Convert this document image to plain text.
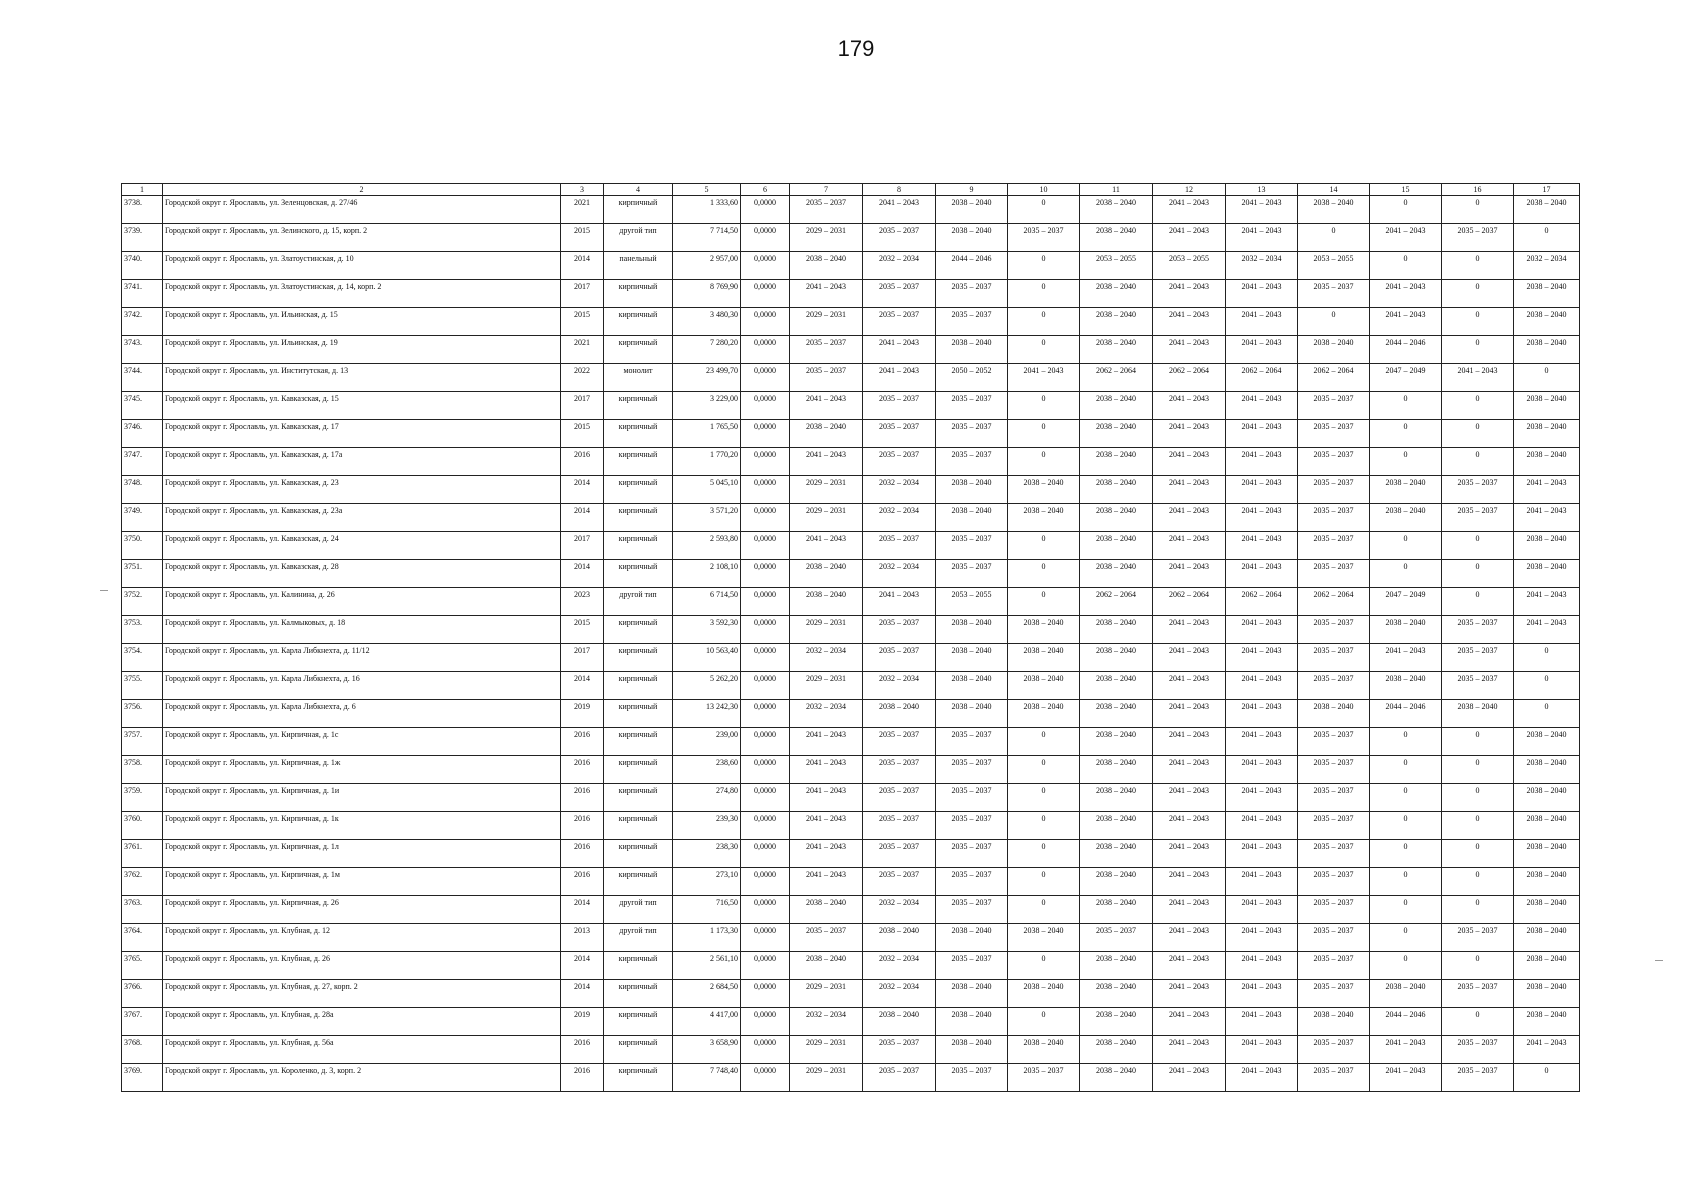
179
1	2	3	4	5	6	7	8	9	10	11	12	13	14	15	16	17
3738.	Городской округ г. Ярославль, ул. Зеленцовская, д. 27/46	2021	кирпичный	1 333,60	0,0000	2035 – 2037	2041 – 2043	2038 – 2040	0	2038 – 2040	2041 – 2043	2041 – 2043	2038 – 2040	0	0	2038 – 2040
3739.	Городской округ г. Ярославль, ул. Зелинского, д. 15, корп. 2	2015	другой тип	7 714,50	0,0000	2029 – 2031	2035 – 2037	2038 – 2040	2035 – 2037	2038 – 2040	2041 – 2043	2041 – 2043	0	2041 – 2043	2035 – 2037	0
3740.	Городской округ г. Ярославль, ул. Златоустинская, д. 10	2014	панельный	2 957,00	0,0000	2038 – 2040	2032 – 2034	2044 – 2046	0	2053 – 2055	2053 – 2055	2032 – 2034	2053 – 2055	0	0	2032 – 2034
3741.	Городской округ г. Ярославль, ул. Златоустинская, д. 14, корп. 2	2017	кирпичный	8 769,90	0,0000	2041 – 2043	2035 – 2037	2035 – 2037	0	2038 – 2040	2041 – 2043	2041 – 2043	2035 – 2037	2041 – 2043	0	2038 – 2040
3742.	Городской округ г. Ярославль, ул. Ильинская, д. 15	2015	кирпичный	3 480,30	0,0000	2029 – 2031	2035 – 2037	2035 – 2037	0	2038 – 2040	2041 – 2043	2041 – 2043	0	2041 – 2043	0	2038 – 2040
3743.	Городской округ г. Ярославль, ул. Ильинская, д. 19	2021	кирпичный	7 280,20	0,0000	2035 – 2037	2041 – 2043	2038 – 2040	0	2038 – 2040	2041 – 2043	2041 – 2043	2038 – 2040	2044 – 2046	0	2038 – 2040
3744.	Городской округ г. Ярославль, ул. Институтская, д. 13	2022	монолит	23 499,70	0,0000	2035 – 2037	2041 – 2043	2050 – 2052	2041 – 2043	2062 – 2064	2062 – 2064	2062 – 2064	2062 – 2064	2047 – 2049	2041 – 2043	0
3745.	Городской округ г. Ярославль, ул. Кавказская, д. 15	2017	кирпичный	3 229,00	0,0000	2041 – 2043	2035 – 2037	2035 – 2037	0	2038 – 2040	2041 – 2043	2041 – 2043	2035 – 2037	0	0	2038 – 2040
3746.	Городской округ г. Ярославль, ул. Кавказская, д. 17	2015	кирпичный	1 765,50	0,0000	2038 – 2040	2035 – 2037	2035 – 2037	0	2038 – 2040	2041 – 2043	2041 – 2043	2035 – 2037	0	0	2038 – 2040
3747.	Городской округ г. Ярославль, ул. Кавказская, д. 17а	2016	кирпичный	1 770,20	0,0000	2041 – 2043	2035 – 2037	2035 – 2037	0	2038 – 2040	2041 – 2043	2041 – 2043	2035 – 2037	0	0	2038 – 2040
3748.	Городской округ г. Ярославль, ул. Кавказская, д. 23	2014	кирпичный	5 045,10	0,0000	2029 – 2031	2032 – 2034	2038 – 2040	2038 – 2040	2038 – 2040	2041 – 2043	2041 – 2043	2035 – 2037	2038 – 2040	2035 – 2037	2041 – 2043
3749.	Городской округ г. Ярославль, ул. Кавказская, д. 23а	2014	кирпичный	3 571,20	0,0000	2029 – 2031	2032 – 2034	2038 – 2040	2038 – 2040	2038 – 2040	2041 – 2043	2041 – 2043	2035 – 2037	2038 – 2040	2035 – 2037	2041 – 2043
3750.	Городской округ г. Ярославль, ул. Кавказская, д. 24	2017	кирпичный	2 593,80	0,0000	2041 – 2043	2035 – 2037	2035 – 2037	0	2038 – 2040	2041 – 2043	2041 – 2043	2035 – 2037	0	0	2038 – 2040
3751.	Городской округ г. Ярославль, ул. Кавказская, д. 28	2014	кирпичный	2 108,10	0,0000	2038 – 2040	2032 – 2034	2035 – 2037	0	2038 – 2040	2041 – 2043	2041 – 2043	2035 – 2037	0	0	2038 – 2040
3752.	Городской округ г. Ярославль, ул. Калинина, д. 26	2023	другой тип	6 714,50	0,0000	2038 – 2040	2041 – 2043	2053 – 2055	0	2062 – 2064	2062 – 2064	2062 – 2064	2062 – 2064	2047 – 2049	0	2041 – 2043
3753.	Городской округ г. Ярославль, ул. Калмыковых, д. 18	2015	кирпичный	3 592,30	0,0000	2029 – 2031	2035 – 2037	2038 – 2040	2038 – 2040	2038 – 2040	2041 – 2043	2041 – 2043	2035 – 2037	2038 – 2040	2035 – 2037	2041 – 2043
3754.	Городской округ г. Ярославль, ул. Карла Либкнехта, д. 11/12	2017	кирпичный	10 563,40	0,0000	2032 – 2034	2035 – 2037	2038 – 2040	2038 – 2040	2038 – 2040	2041 – 2043	2041 – 2043	2035 – 2037	2041 – 2043	2035 – 2037	0
3755.	Городской округ г. Ярославль, ул. Карла Либкнехта, д. 16	2014	кирпичный	5 262,20	0,0000	2029 – 2031	2032 – 2034	2038 – 2040	2038 – 2040	2038 – 2040	2041 – 2043	2041 – 2043	2035 – 2037	2038 – 2040	2035 – 2037	0
3756.	Городской округ г. Ярославль, ул. Карла Либкнехта, д. 6	2019	кирпичный	13 242,30	0,0000	2032 – 2034	2038 – 2040	2038 – 2040	2038 – 2040	2038 – 2040	2041 – 2043	2041 – 2043	2038 – 2040	2044 – 2046	2038 – 2040	0
3757.	Городской округ г. Ярославль, ул. Кирпичная, д. 1с	2016	кирпичный	239,00	0,0000	2041 – 2043	2035 – 2037	2035 – 2037	0	2038 – 2040	2041 – 2043	2041 – 2043	2035 – 2037	0	0	2038 – 2040
3758.	Городской округ г. Ярославль, ул. Кирпичная, д. 1ж	2016	кирпичный	238,60	0,0000	2041 – 2043	2035 – 2037	2035 – 2037	0	2038 – 2040	2041 – 2043	2041 – 2043	2035 – 2037	0	0	2038 – 2040
3759.	Городской округ г. Ярославль, ул. Кирпичная, д. 1и	2016	кирпичный	274,80	0,0000	2041 – 2043	2035 – 2037	2035 – 2037	0	2038 – 2040	2041 – 2043	2041 – 2043	2035 – 2037	0	0	2038 – 2040
3760.	Городской округ г. Ярославль, ул. Кирпичная, д. 1к	2016	кирпичный	239,30	0,0000	2041 – 2043	2035 – 2037	2035 – 2037	0	2038 – 2040	2041 – 2043	2041 – 2043	2035 – 2037	0	0	2038 – 2040
3761.	Городской округ г. Ярославль, ул. Кирпичная, д. 1л	2016	кирпичный	238,30	0,0000	2041 – 2043	2035 – 2037	2035 – 2037	0	2038 – 2040	2041 – 2043	2041 – 2043	2035 – 2037	0	0	2038 – 2040
3762.	Городской округ г. Ярославль, ул. Кирпичная, д. 1м	2016	кирпичный	273,10	0,0000	2041 – 2043	2035 – 2037	2035 – 2037	0	2038 – 2040	2041 – 2043	2041 – 2043	2035 – 2037	0	0	2038 – 2040
3763.	Городской округ г. Ярославль, ул. Кирпичная, д. 26	2014	другой тип	716,50	0,0000	2038 – 2040	2032 – 2034	2035 – 2037	0	2038 – 2040	2041 – 2043	2041 – 2043	2035 – 2037	0	0	2038 – 2040
3764.	Городской округ г. Ярославль, ул. Клубная, д. 12	2013	другой тип	1 173,30	0,0000	2035 – 2037	2038 – 2040	2038 – 2040	2038 – 2040	2035 – 2037	2041 – 2043	2041 – 2043	2035 – 2037	0	2035 – 2037	2038 – 2040
3765.	Городской округ г. Ярославль, ул. Клубная, д. 26	2014	кирпичный	2 561,10	0,0000	2038 – 2040	2032 – 2034	2035 – 2037	0	2038 – 2040	2041 – 2043	2041 – 2043	2035 – 2037	0	0	2038 – 2040
3766.	Городской округ г. Ярославль, ул. Клубная, д. 27, корп. 2	2014	кирпичный	2 684,50	0,0000	2029 – 2031	2032 – 2034	2038 – 2040	2038 – 2040	2038 – 2040	2041 – 2043	2041 – 2043	2035 – 2037	2038 – 2040	2035 – 2037	2038 – 2040
3767.	Городской округ г. Ярославль, ул. Клубная, д. 28а	2019	кирпичный	4 417,00	0,0000	2032 – 2034	2038 – 2040	2038 – 2040	0	2038 – 2040	2041 – 2043	2041 – 2043	2038 – 2040	2044 – 2046	0	2038 – 2040
3768.	Городской округ г. Ярославль, ул. Клубная, д. 56а	2016	кирпичный	3 658,90	0,0000	2029 – 2031	2035 – 2037	2038 – 2040	2038 – 2040	2038 – 2040	2041 – 2043	2041 – 2043	2035 – 2037	2041 – 2043	2035 – 2037	2041 – 2043
3769.	Городской округ г. Ярославль, ул. Короленко, д. 3, корп. 2	2016	кирпичный	7 748,40	0,0000	2029 – 2031	2035 – 2037	2035 – 2037	2035 – 2037	2038 – 2040	2041 – 2043	2041 – 2043	2035 – 2037	2041 – 2043	2035 – 2037	0
